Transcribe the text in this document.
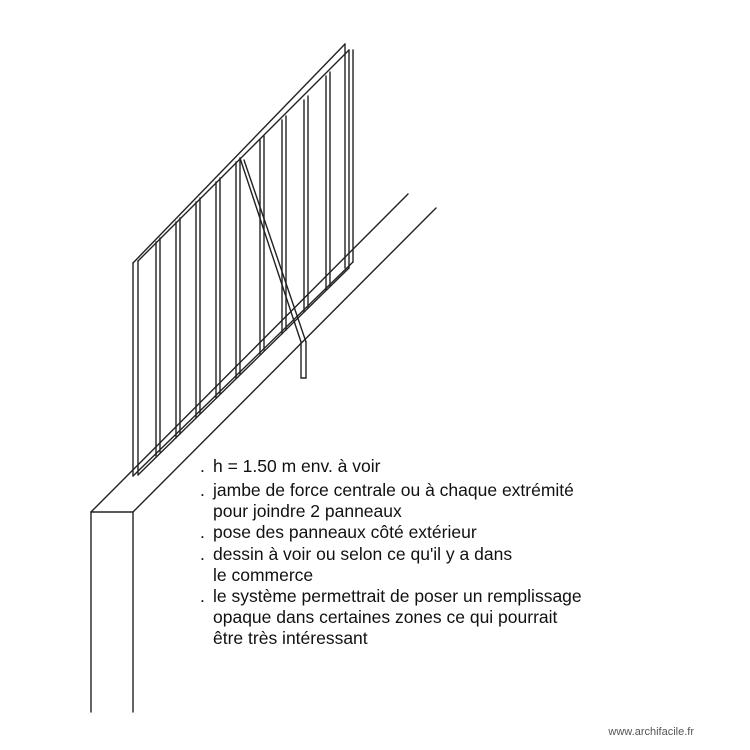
. h = 1.50 m env. à voir
. jambe de force centrale ou à chaque extrémité
pour joindre 2 panneaux
. pose des panneaux côté extérieur
. dessin à voir ou selon ce qu'il y a dans
le commerce
. le système permettrait de poser un remplissage
opaque dans certaines zones ce qui pourrait
être très intéressant
www.archifacile.fr
